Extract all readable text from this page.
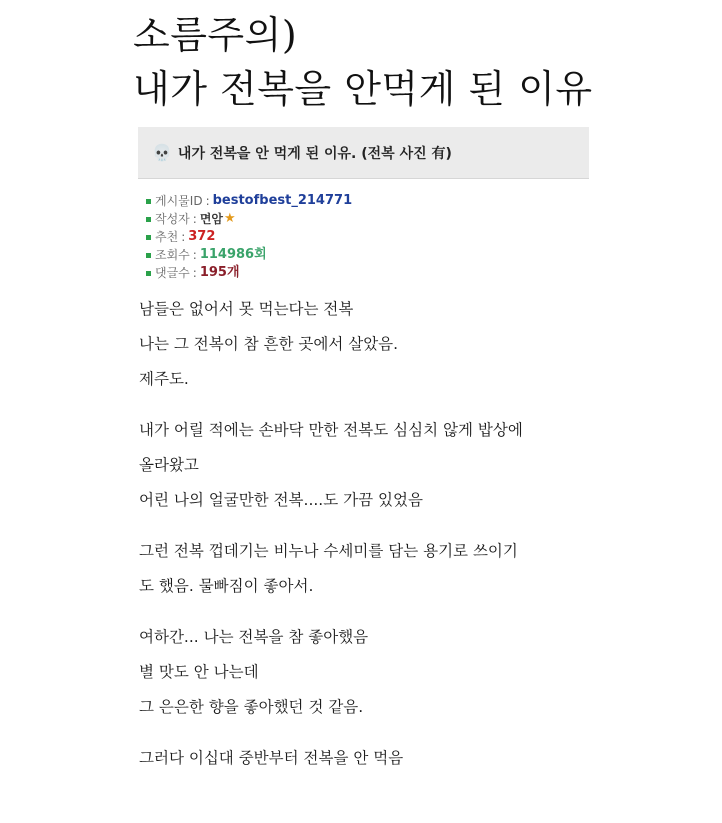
소름주의)
내가 전복을 안먹게 된 이유
💀 내가 전복을 안 먹게 된 이유. (전복 사진 有)
게시물ID : bestofbest_214771
작성자 : 면암 ★
추천 : 372
조회수 : 114986회
댓글수 : 195개

남들은 없어서 못 먹는다는 전복
나는 그 전복이 참 흔한 곳에서 살았음.
제주도.

내가 어릴 적에는 손바닥 만한 전복도 심심치 않게 밥상에
올라왔고
어린 나의 얼굴만한 전복....도 가끔 있었음

그런 전복 껍데기는 비누나 수세미를 담는 용기로 쓰이기
도 했음. 물빠짐이 좋아서.

여하간... 나는 전복을 참 좋아했음
별 맛도 안 나는데
그 은은한 향을 좋아했던 것 같음.

그러다 이십대 중반부터 전복을 안 먹음
